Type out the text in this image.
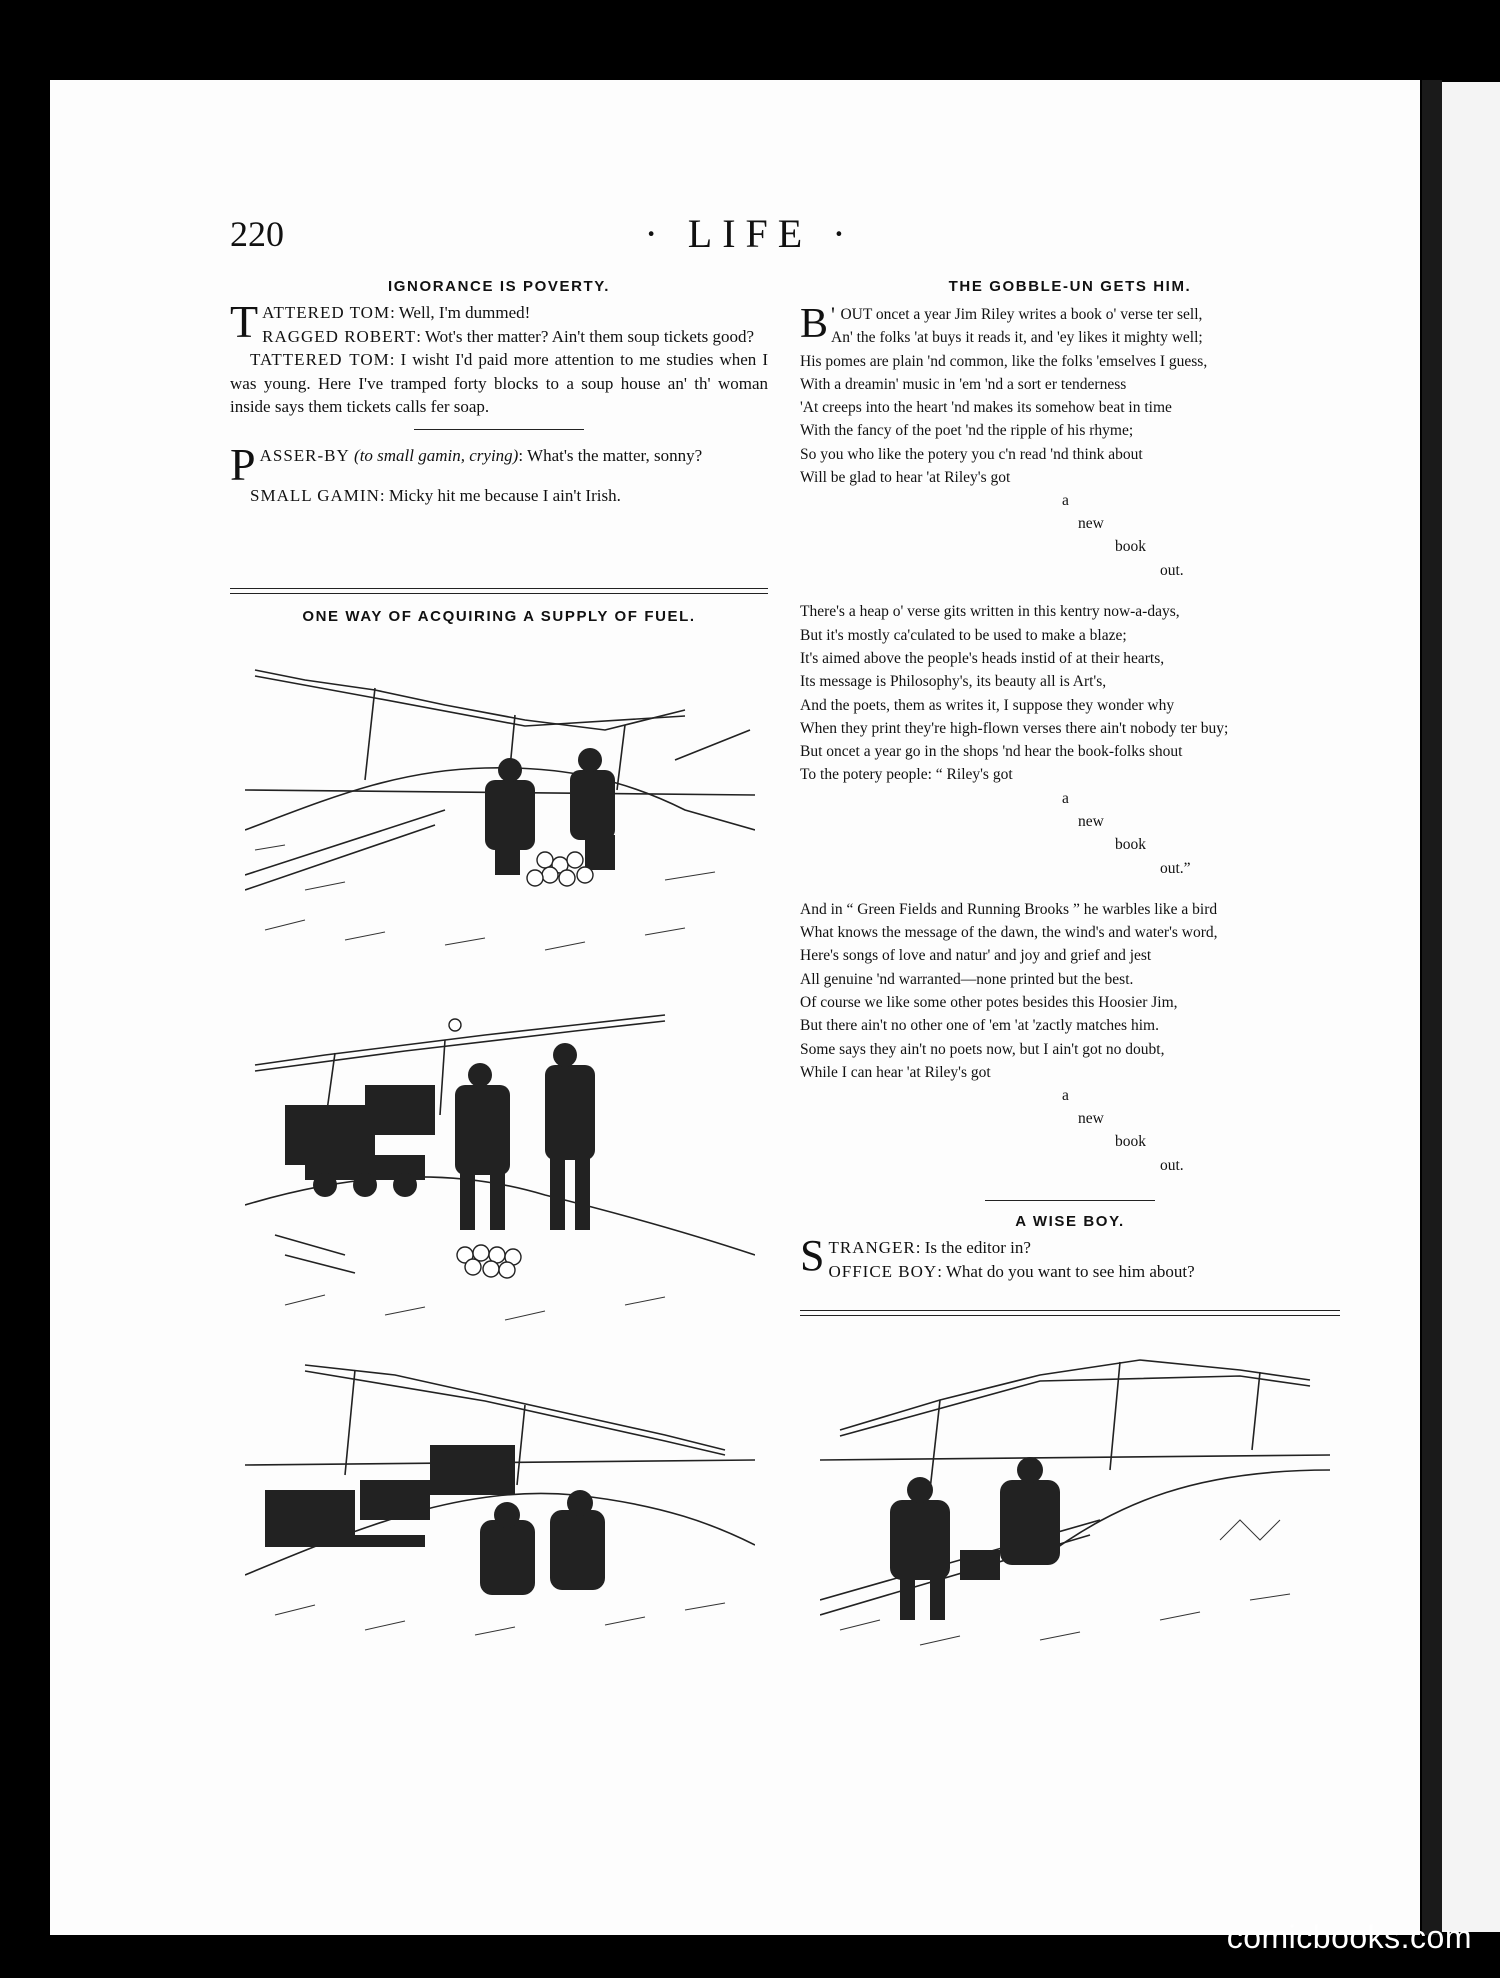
220	· LIFE ·
IGNORANCE IS POVERTY.
TATTERED TOM: Well, I'm dummed!
RAGGED ROBERT: Wot's ther matter? Ain't them soup tickets good?
TATTERED TOM: I wisht I'd paid more attention to me studies when I was young. Here I've tramped forty blocks to a soup house an' th' woman inside says them tickets calls fer soap.
PASSER-BY (to small gamin, crying): What's the matter, sonny?
SMALL GAMIN: Micky hit me because I ain't Irish.
ONE WAY OF ACQUIRING A SUPPLY OF FUEL.
THE GOBBLE-UN GETS HIM.
'
B OUT oncet a year Jim Riley writes a book o' verse ter sell,
An' the folks 'at buys it reads it, and 'ey likes it mighty well;
His pomes are plain 'nd common, like the folks 'emselves I guess,
With a dreamin' music in 'em 'nd a sort er tenderness
'At creeps into the heart 'nd makes its somehow beat in time
With the fancy of the poet 'nd the ripple of his rhyme;
So you who like the potery you c'n read 'nd think about
Will be glad to hear 'at Riley's got
a
new
book
out.
There's a heap o' verse gits written in this kentry now-a-days,
But it's mostly ca'culated to be used to make a blaze;
It's aimed above the people's heads instid of at their hearts,
Its message is Philosophy's, its beauty all is Art's,
And the poets, them as writes it, I suppose they wonder why
When they print they're high-flown verses there ain't nobody ter buy;
But oncet a year go in the shops 'nd hear the book-folks shout
To the potery people: “ Riley's got
a
new
book
out.”
And in “ Green Fields and Running Brooks ” he warbles like a bird
What knows the message of the dawn, the wind's and water's word,
Here's songs of love and natur' and joy and grief and jest
All genuine 'nd warranted—none printed but the best.
Of course we like some other potes besides this Hoosier Jim,
But there ain't no other one of 'em 'at 'zactly matches him.
Some says they ain't no poets now, but I ain't got no doubt,
While I can hear 'at Riley's got
a
new
book
out.
A WISE BOY.
STRANGER: Is the editor in?
OFFICE BOY: What do you want to see him about?
comicbooks.com
